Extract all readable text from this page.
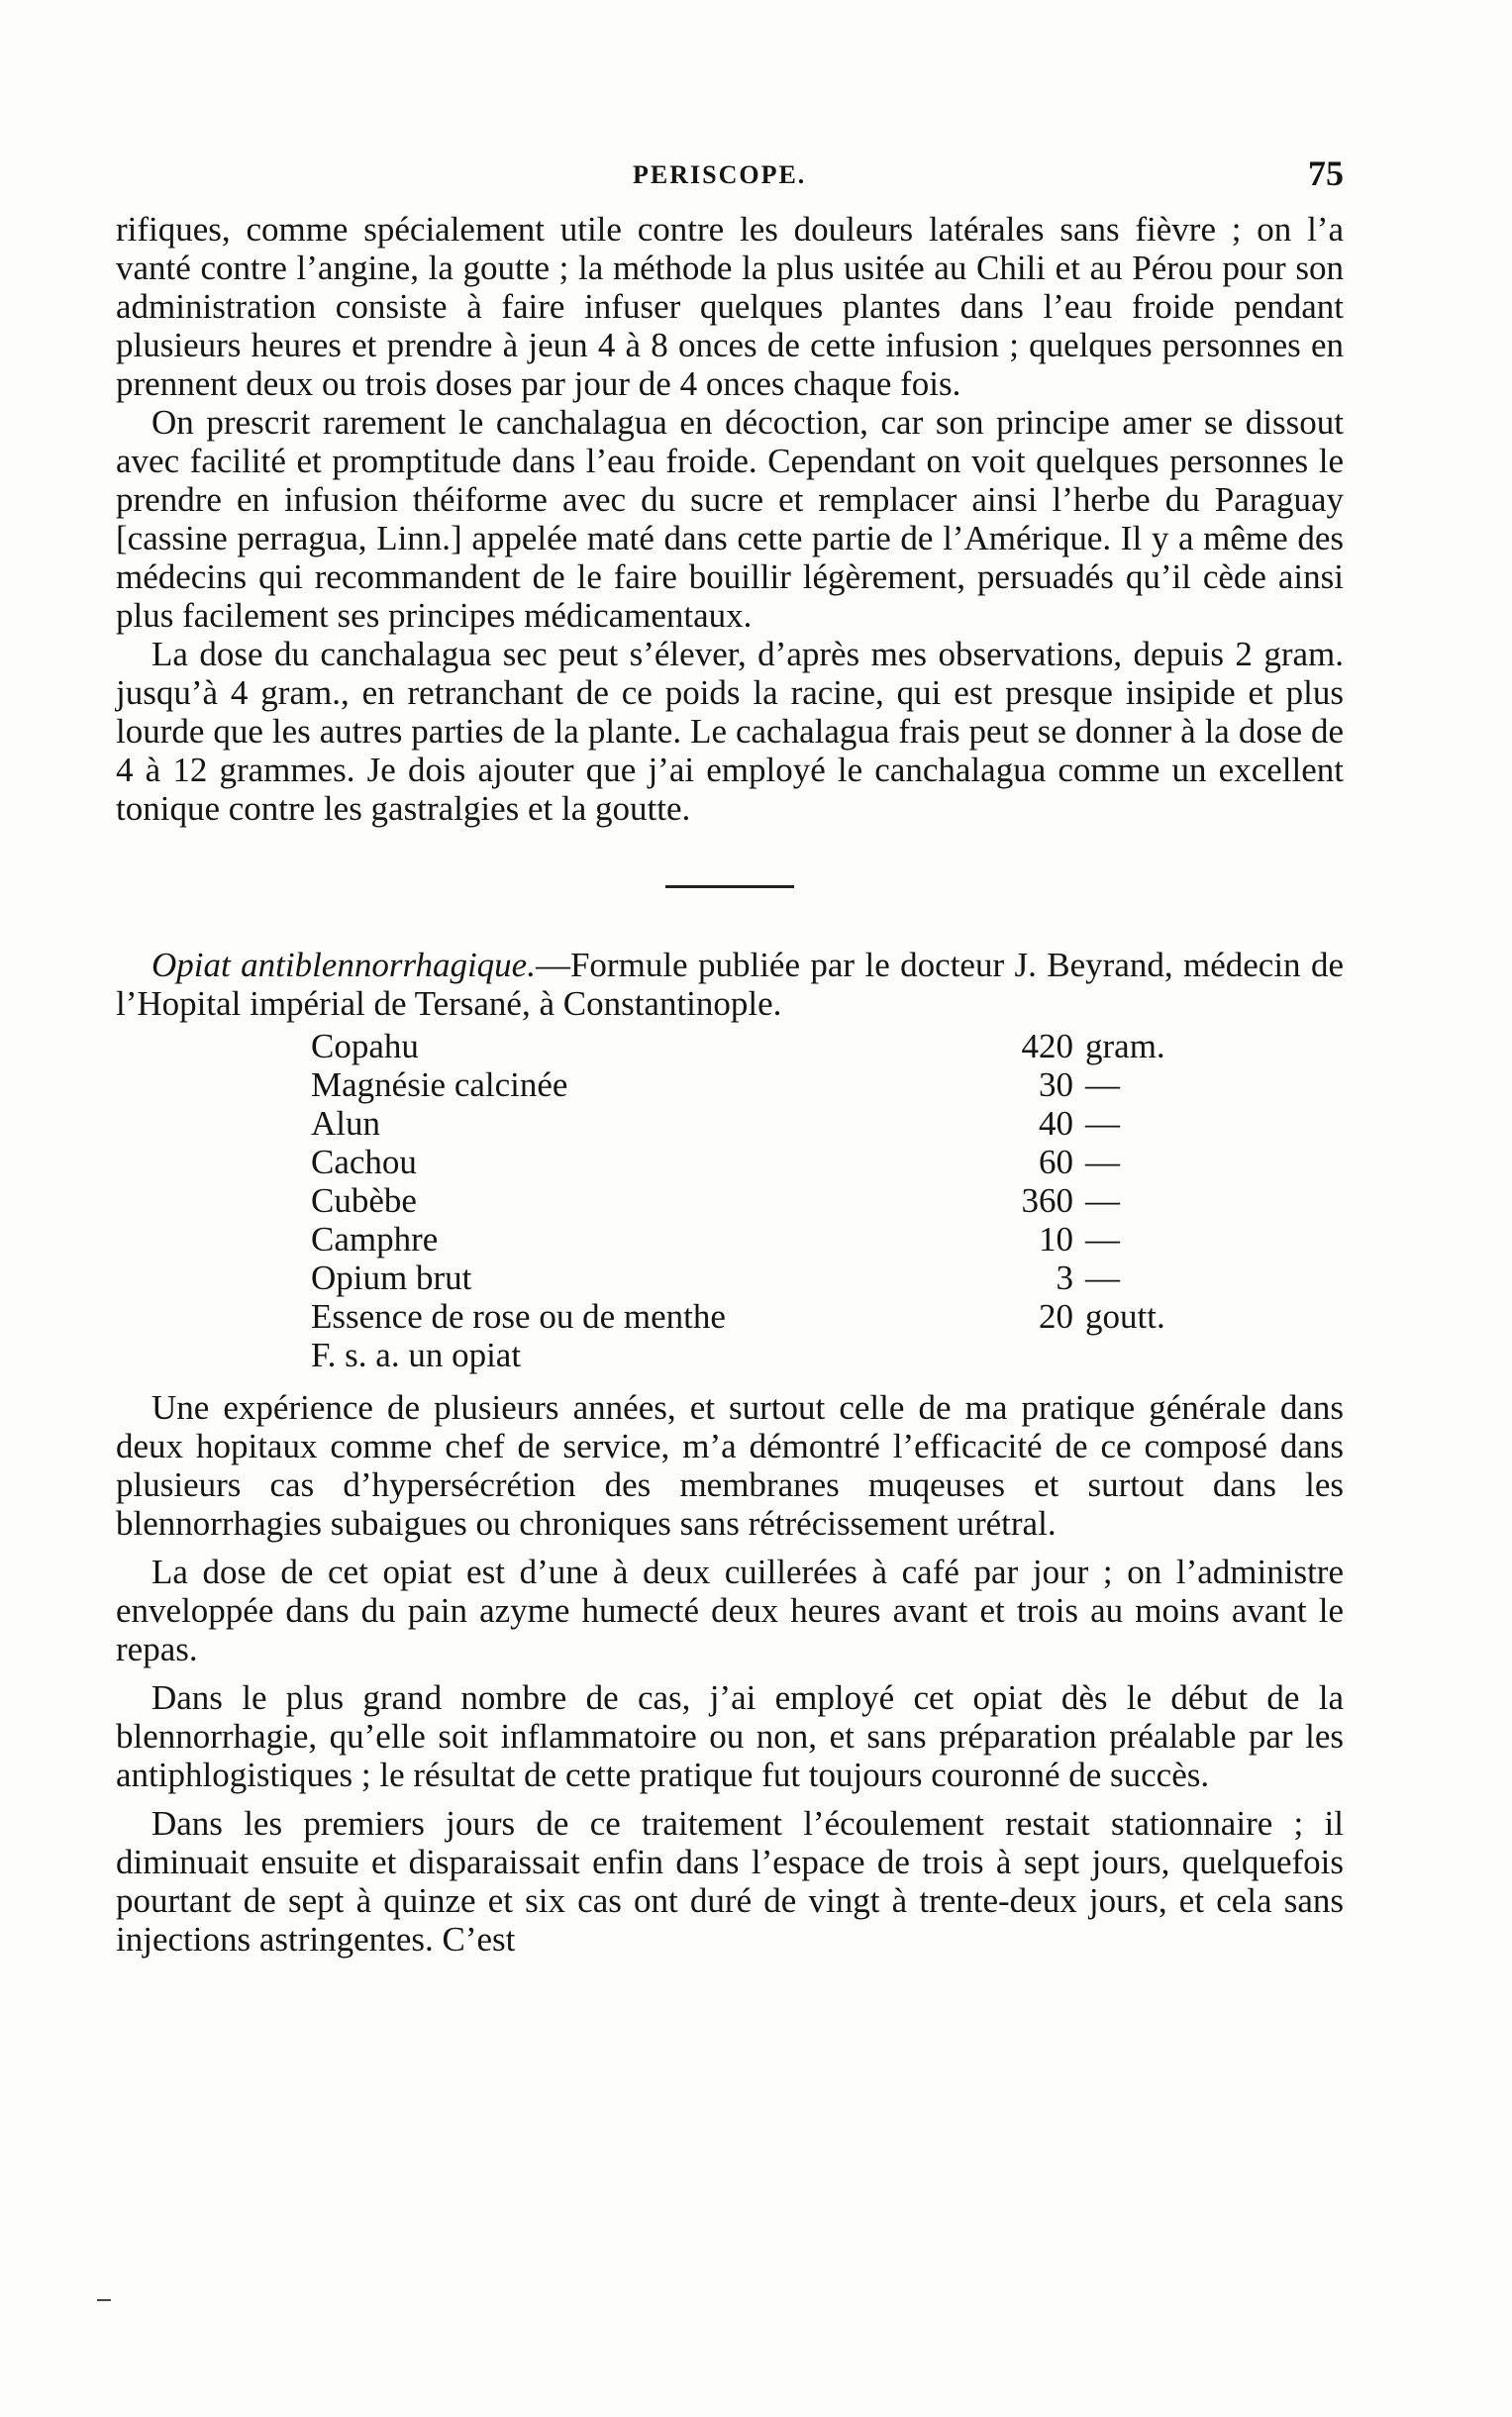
PERISCOPE.	75

rifiques, comme spécialement utile contre les douleurs latérales sans fièvre ; on l’a vanté contre l’angine, la goutte ; la méthode la plus usitée au Chili et au Pérou pour son administration consiste à faire infuser quelques plantes dans l’eau froide pendant plusieurs heures et prendre à jeun 4 à 8 onces de cette infusion ; quelques personnes en prennent deux ou trois doses par jour de 4 onces chaque fois.

On prescrit rarement le canchalagua en décoction, car son principe amer se dissout avec facilité et promptitude dans l’eau froide. Cependant on voit quelques personnes le prendre en infusion théiforme avec du sucre et remplacer ainsi l’herbe du Paraguay [cassine perragua, Linn.] appelée maté dans cette partie de l’Amérique. Il y a même des médecins qui recommandent de le faire bouillir légèrement, persuadés qu’il cède ainsi plus facilement ses principes médicamentaux.

La dose du canchalagua sec peut s’élever, d’après mes observations, depuis 2 gram. jusqu’à 4 gram., en retranchant de ce poids la racine, qui est presque insipide et plus lourde que les autres parties de la plante. Le cachalagua frais peut se donner à la dose de 4 à 12 grammes. Je dois ajouter que j’ai employé le canchalagua comme un excellent tonique contre les gastralgies et la goutte.

Opiat antiblennorrhagique.—Formule publiée par le docteur J. Beyrand, médecin de l’Hopital impérial de Tersané, à Constantinople.

Copahu	420 gram.
Magnésie calcinée	30 —
Alun	40 —
Cachou	60 —
Cubèbe	360 —
Camphre	10 —
Opium brut	3 —
Essence de rose ou de menthe	20 goutt.
F. s. a. un opiat

Une expérience de plusieurs années, et surtout celle de ma pratique générale dans deux hopitaux comme chef de service, m’a démontré l’efficacité de ce composé dans plusieurs cas d’hypersécrétion des membranes muqeuses et surtout dans les blennorrhagies subaigues ou chroniques sans rétrécissement urétral.

La dose de cet opiat est d’une à deux cuillerées à café par jour ; on l’administre enveloppée dans du pain azyme humecté deux heures avant et trois au moins avant le repas.

Dans le plus grand nombre de cas, j’ai employé cet opiat dès le début de la blennorrhagie, qu’elle soit inflammatoire ou non, et sans préparation préalable par les antiphlogistiques ; le résultat de cette pratique fut toujours couronné de succès.

Dans les premiers jours de ce traitement l’écoulement restait stationnaire ; il diminuait ensuite et disparaissait enfin dans l’espace de trois à sept jours, quelquefois pourtant de sept à quinze et six cas ont duré de vingt à trente-deux jours, et cela sans injections astringentes. C’est
